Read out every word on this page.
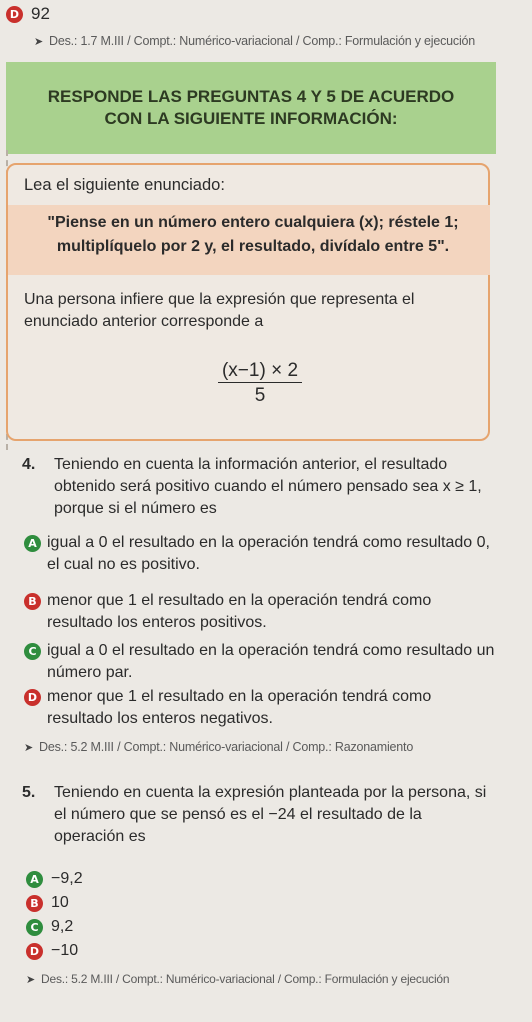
D 92
➤ Des.: 1.7 M.III / Compt.: Numérico-variacional / Comp.: Formulación y ejecución
RESPONDE LAS PREGUNTAS 4 Y 5 DE ACUERDO
CON LA SIGUIENTE INFORMACIÓN:
Lea el siguiente enunciado:
"Piense en un número entero cualquiera (x); réstele 1; multiplíquelo por 2 y, el resultado, divídalo entre 5".
Una persona infiere que la expresión que representa el enunciado anterior corresponde a
(x−1) × 2
5
4.	Teniendo en cuenta la información anterior, el resultado obtenido será positivo cuando el número pensado sea x ≥ 1, porque si el número es
A igual a 0 el resultado en la operación tendrá como resultado 0, el cual no es positivo.
B menor que 1 el resultado en la operación tendrá como resultado los enteros positivos.
C igual a 0 el resultado en la operación tendrá como resultado un número par.
D menor que 1 el resultado en la operación tendrá como resultado los enteros negativos.
➤ Des.: 5.2 M.III / Compt.: Numérico-variacional / Comp.: Razonamiento
5.	Teniendo en cuenta la expresión planteada por la persona, si el número que se pensó es el −24 el resultado de la operación es
A −9,2
B 10
C 9,2
D −10
➤ Des.: 5.2 M.III / Compt.: Numérico-variacional / Comp.: Formulación y ejecución
